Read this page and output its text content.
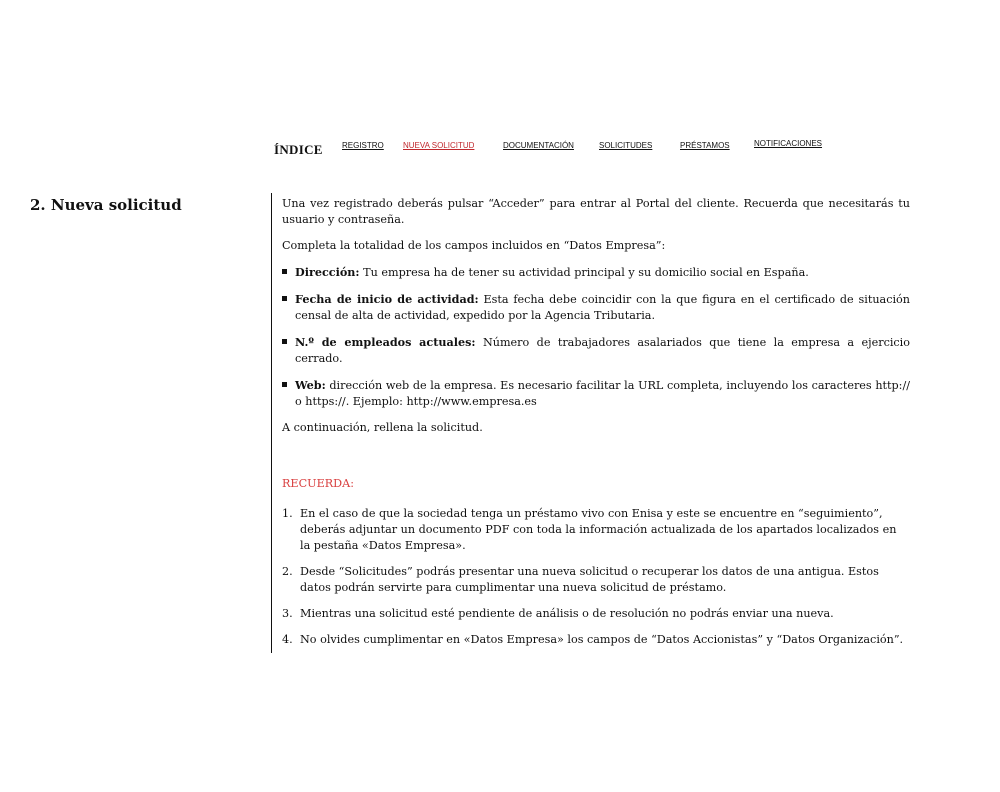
ÍNDICE REGISTRO NUEVA SOLICITUD	DOCUMENTACIÓN	SOLICITUDES	PRÉSTAMOS	NOTIFICACIONES
2. Nueva solicitud	Una vez registrado deberás pulsar “Acceder” para entrar al Portal del cliente. Recuerda que necesitarás tu usuario y contraseña.

Completa la totalidad de los campos incluidos en “Datos Empresa”:

Dirección: Tu empresa ha de tener su actividad principal y su domicilio social en España.
Fecha de inicio de actividad: Esta fecha debe coincidir con la que figura en el certificado de situación censal de alta de actividad, expedido por la Agencia Tributaria.
N.º de empleados actuales: Número de trabajadores asalariados que tiene la empresa a ejercicio cerrado.
Web: dirección web de la empresa. Es necesario facilitar la URL completa, incluyendo los caracteres http:// o https://. Ejemplo: http://www.empresa.es

A continuación, rellena la solicitud.

RECUERDA:

1. En el caso de que la sociedad tenga un préstamo vivo con Enisa y este se encuentre en “seguimiento”, deberás adjuntar un documento PDF con toda la información actualizada de los apartados localizados en la pestaña «Datos Empresa».
2. Desde “Solicitudes” podrás presentar una nueva solicitud o recuperar los datos de una antigua. Estos datos podrán servirte para cumplimentar una nueva solicitud de préstamo.
3. Mientras una solicitud esté pendiente de análisis o de resolución no podrás enviar una nueva.
4. No olvides cumplimentar en «Datos Empresa» los campos de “Datos Accionistas” y “Datos Organización”.
